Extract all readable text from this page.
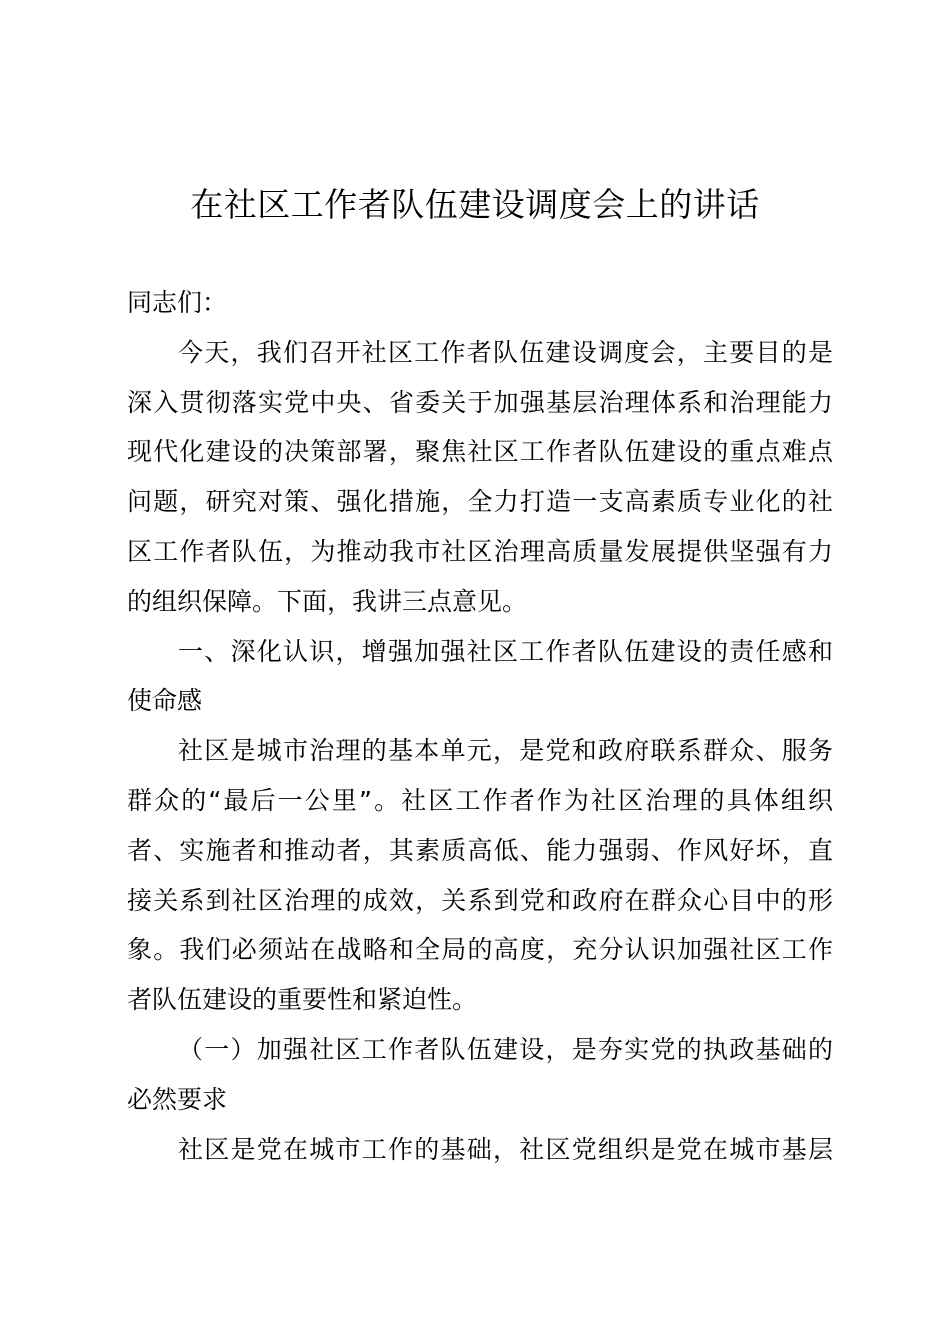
在社区工作者队伍建设调度会上的讲话
同志们：
今天，我们召开社区工作者队伍建设调度会，主要目的是
深入贯彻落实党中央、省委关于加强基层治理体系和治理能力
现代化建设的决策部署，聚焦社区工作者队伍建设的重点难点
问题，研究对策、强化措施，全力打造一支高素质专业化的社
区工作者队伍，为推动我市社区治理高质量发展提供坚强有力
的组织保障。下面，我讲三点意见。
一、深化认识，增强加强社区工作者队伍建设的责任感和
使命感
社区是城市治理的基本单元，是党和政府联系群众、服务
群众的“最后一公里”。社区工作者作为社区治理的具体组织
者、实施者和推动者，其素质高低、能力强弱、作风好坏，直
接关系到社区治理的成效，关系到党和政府在群众心目中的形
象。我们必须站在战略和全局的高度，充分认识加强社区工作
者队伍建设的重要性和紧迫性。
（一）加强社区工作者队伍建设，是夯实党的执政基础的
必然要求
社区是党在城市工作的基础，社区党组织是党在城市基层
